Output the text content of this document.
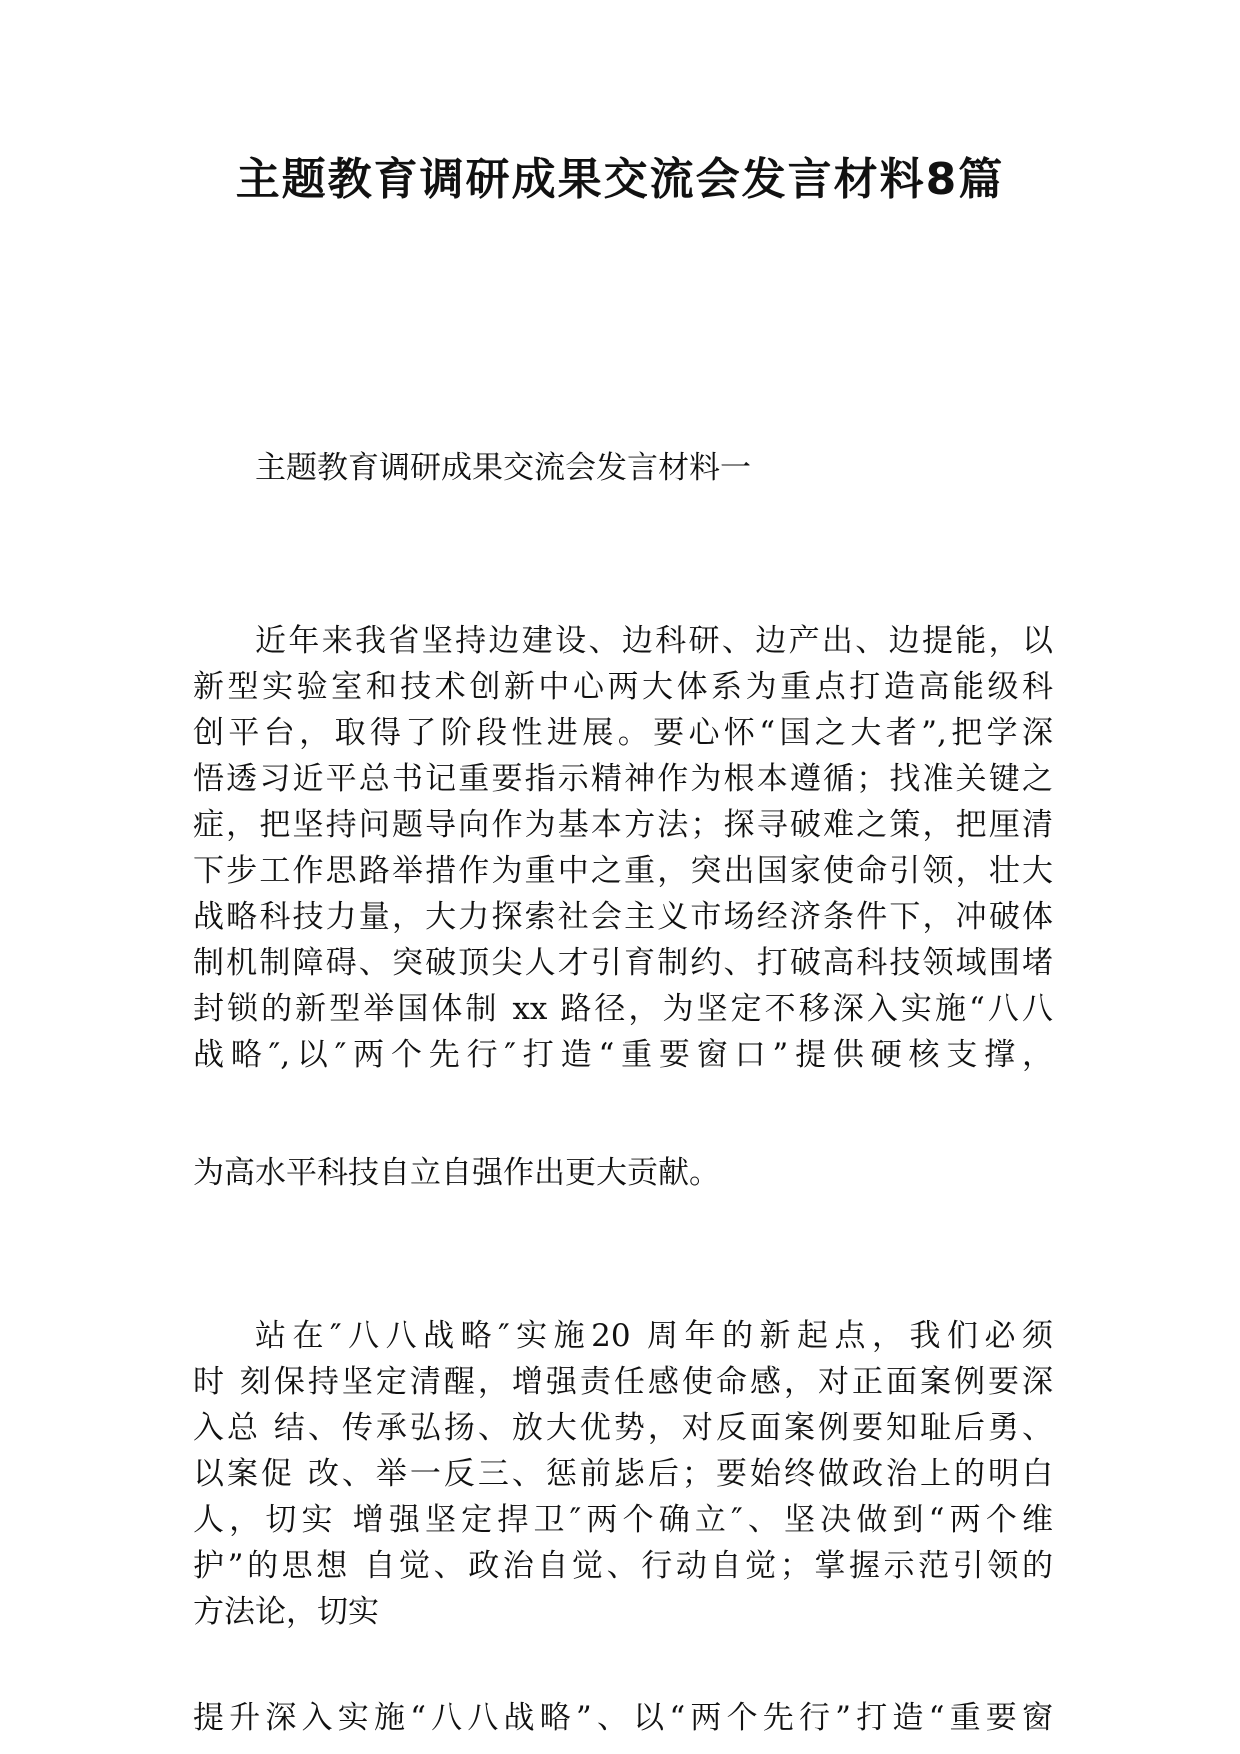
主题教育调研成果交流会发言材料8篇

主题教育调研成果交流会发言材料一

近年来我省坚持边建设、边科研、边产出、边提能，以
新型实验室和技术创新中心两大体系为重点打造高能级科
创平台，取得了阶段性进展。要心怀“国之大者”,把学深
悟透习近平总书记重要指示精神作为根本遵循；找准关键之
症，把坚持问题导向作为基本方法；探寻破难之策，把厘清
下步工作思路举措作为重中之重，突出国家使命引领，壮大
战略科技力量，大力探索社会主义市场经济条件下，冲破体
制机制障碍、突破顶尖人才引育制约、打破高科技领域围堵
封锁的新型举国体制 xx 路径，为坚定不移深入实施“八八
战略″,以″两个先行″打造“重要窗口”提供硬核支撑，
为高水平科技自立自强作出更大贡献。
站在″八八战略″实施20 周年的新起点，我们必须
时 刻保持坚定清醒，增强责任感使命感，对正面案例要深
入总 结、传承弘扬、放大优势，对反面案例要知耻后勇、
以案促 改、举一反三、惩前毖后；要始终做政治上的明白
人，切实 增强坚定捍卫″两个确立″、坚决做到“两个维
护”的思想 自觉、政治自觉、行动自觉；掌握示范引领的
方法论，切实
提升深入实施“八八战略”、以“两个先行”打造“重要窗
